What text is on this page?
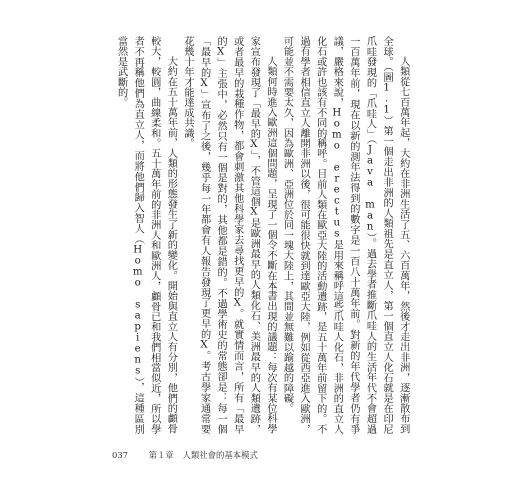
人類從七百萬年起，大約在非洲生活了五、六百萬年，然後才走出非洲，逐漸散布到全球。（圖1.1）第一個走出非洲的人類祖先是直立人，第一個直立人化石就是在印尼爪哇發現的「爪哇人」（Java man）。過去學者推斷爪哇人的生活年代不會超過一百萬年前，現在以新的測年法得到的數字是一百八十萬年前。對新的年代學者仍有爭議，嚴格來說，Homo erectus是用來稱呼這些爪哇人化石，非洲的直立人化石或許也該有不同的稱呼。目前人類在歐亞大陸的活動遺跡，是五十萬年前留下的。不過有學者相信直立人離開非洲以後，很可能很快就到達歐亞大陸，例如從西亞進入歐洲，可能並不需要太久，因為歐洲、亞洲位於同一塊大陸上，其間並無難以踰越的障礙。

人類何時進入歐洲這個問題，呈現了一個令不斷在本書出現的議題：每次有某位科學家宣布發現了「最早的X」，不管這個X是歐洲最早的人類化石、美洲最早的人類遺跡，或者最早的栽種作物，都會刺激其他科學家去尋找更早的X。就實情而言，所有「最早的X」主張中，必然只有一個是對的，其他都是錯的。不過學術史的常態卻是：每一個「最早的X」宣布了之後，幾乎每一年都會有人報告發現了更早的X。考古學家通常要花幾十年才能達成共識。

大約在五十萬年前，人類的形態發生了新的變化。開始與直立人有分別，他們的顱骨較大，較圓，曲線柔和。五十萬年前的非洲人和歐洲人，顱骨已和我們相當似近，所以學者不再稱他們為直立人，而將他們歸入智人（Homo sapiens），這種區別當然是武斷的。

037 第１章 人類社會的基本模式
